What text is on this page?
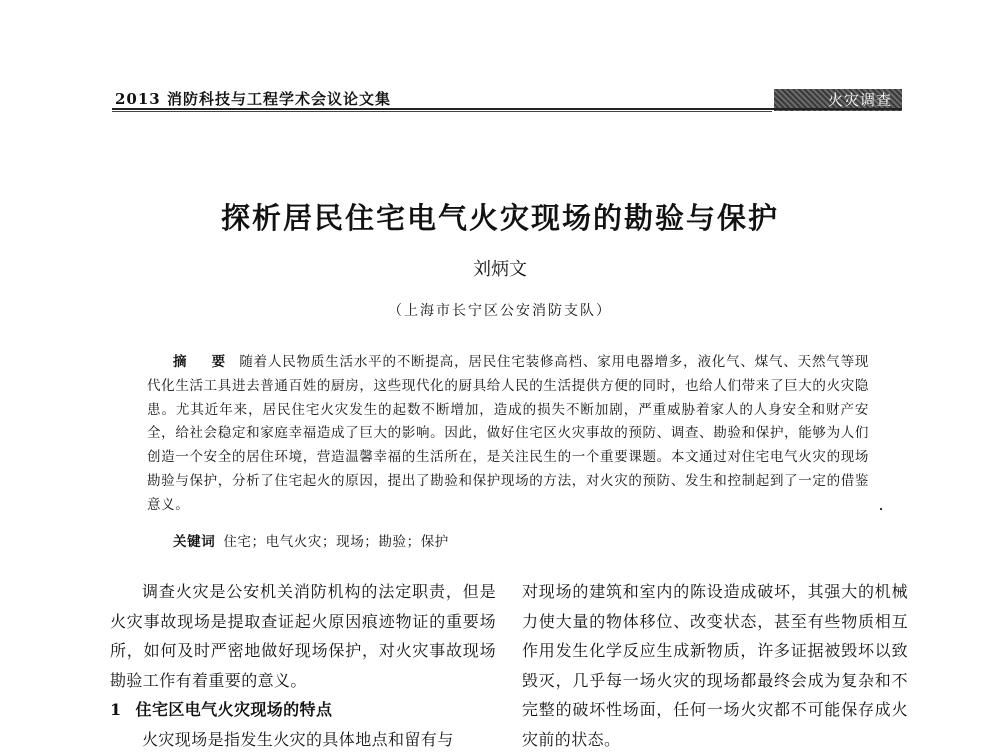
2013 消防科技与工程学术会议论文集	火灾调查
探析居民住宅电气火灾现场的勘验与保护
刘炳文
（上海市长宁区公安消防支队）
摘 要 随着人民物质生活水平的不断提高，居民住宅装修高档、家用电器增多，液化气、煤气、天然气等现代化生活工具进去普通百姓的厨房，这些现代化的厨具给人民的生活提供方便的同时，也给人们带来了巨大的火灾隐患。尤其近年来，居民住宅火灾发生的起数不断增加，造成的损失不断加剧，严重威胁着家人的人身安全和财产安全，给社会稳定和家庭幸福造成了巨大的影响。因此，做好住宅区火灾事故的预防、调查、勘验和保护，能够为人们创造一个安全的居住环境，营造温馨幸福的生活所在，是关注民生的一个重要课题。本文通过对住宅电气火灾的现场勘验与保护，分析了住宅起火的原因，提出了勘验和保护现场的方法，对火灾的预防、发生和控制起到了一定的借鉴意义。
关键词 住宅；电气火灾；现场；勘验；保护

调查火灾是公安机关消防机构的法定职责，但是火灾事故现场是提取查证起火原因痕迹物证的重要场所，如何及时严密地做好现场保护，对火灾事故现场勘验工作有着重要的意义。

1 住宅区电气火灾现场的特点

火灾现场是指发生火灾的具体地点和留有与

对现场的建筑和室内的陈设造成破坏，其强大的机械力使大量的物体移位、改变状态，甚至有些物质相互作用发生化学反应生成新物质，许多证据被毁坏以致毁灭，几乎每一场火灾的现场都最终会成为复杂和不完整的破坏性场面，任何一场火灾都不可能保存成火灾前的状态。
